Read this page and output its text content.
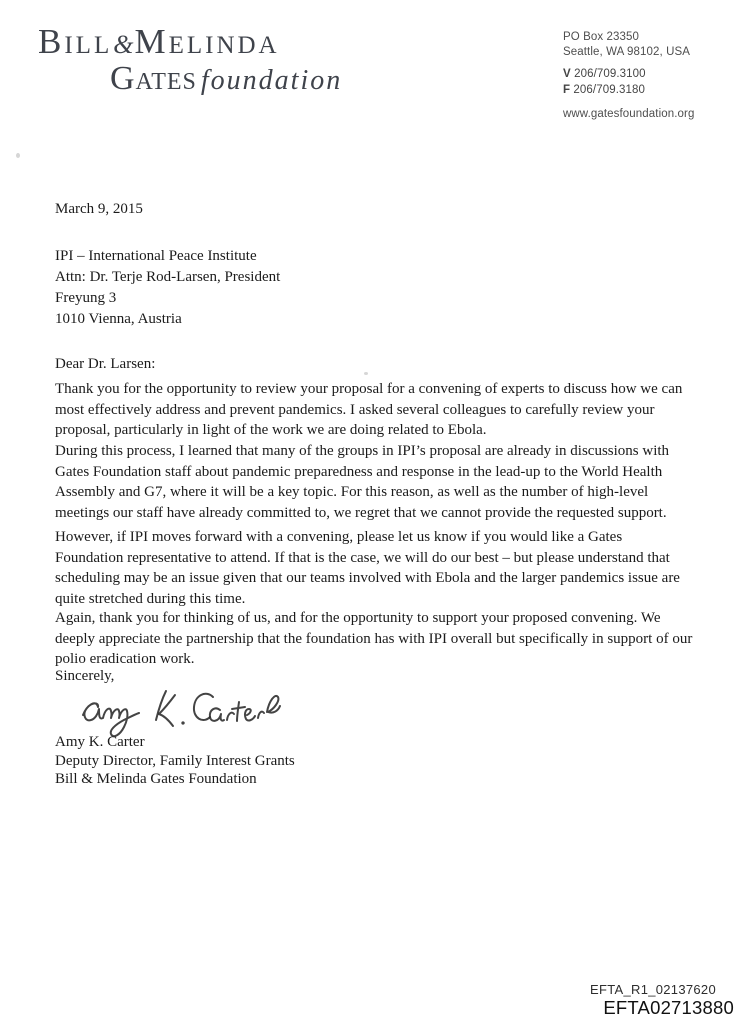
Bill&Melinda
Gates foundation
PO Box 23350
Seattle, WA 98102, USA
V 206/709.3100
F 206/709.3180
www.gatesfoundation.org
March 9, 2015
IPI – International Peace Institute
Attn: Dr. Terje Rod-Larsen, President
Freyung 3
1010 Vienna, Austria
Dear Dr. Larsen:
Thank you for the opportunity to review your proposal for a convening of experts to discuss how we can
most effectively address and prevent pandemics. I asked several colleagues to carefully review your
proposal, particularly in light of the work we are doing related to Ebola.
During this process, I learned that many of the groups in IPI’s proposal are already in discussions with
Gates Foundation staff about pandemic preparedness and response in the lead-up to the World Health
Assembly and G7, where it will be a key topic. For this reason, as well as the number of high-level
meetings our staff have already committed to, we regret that we cannot provide the requested support.
However, if IPI moves forward with a convening, please let us know if you would like a Gates
Foundation representative to attend. If that is the case, we will do our best – but please understand that
scheduling may be an issue given that our teams involved with Ebola and the larger pandemics issue are
quite stretched during this time.
Again, thank you for thinking of us, and for the opportunity to support your proposed convening. We
deeply appreciate the partnership that the foundation has with IPI overall but specifically in support of our
polio eradication work.
Sincerely,
Amy K. Carter
Deputy Director, Family Interest Grants
Bill & Melinda Gates Foundation
EFTA_R1_02137620
EFTA02713880
